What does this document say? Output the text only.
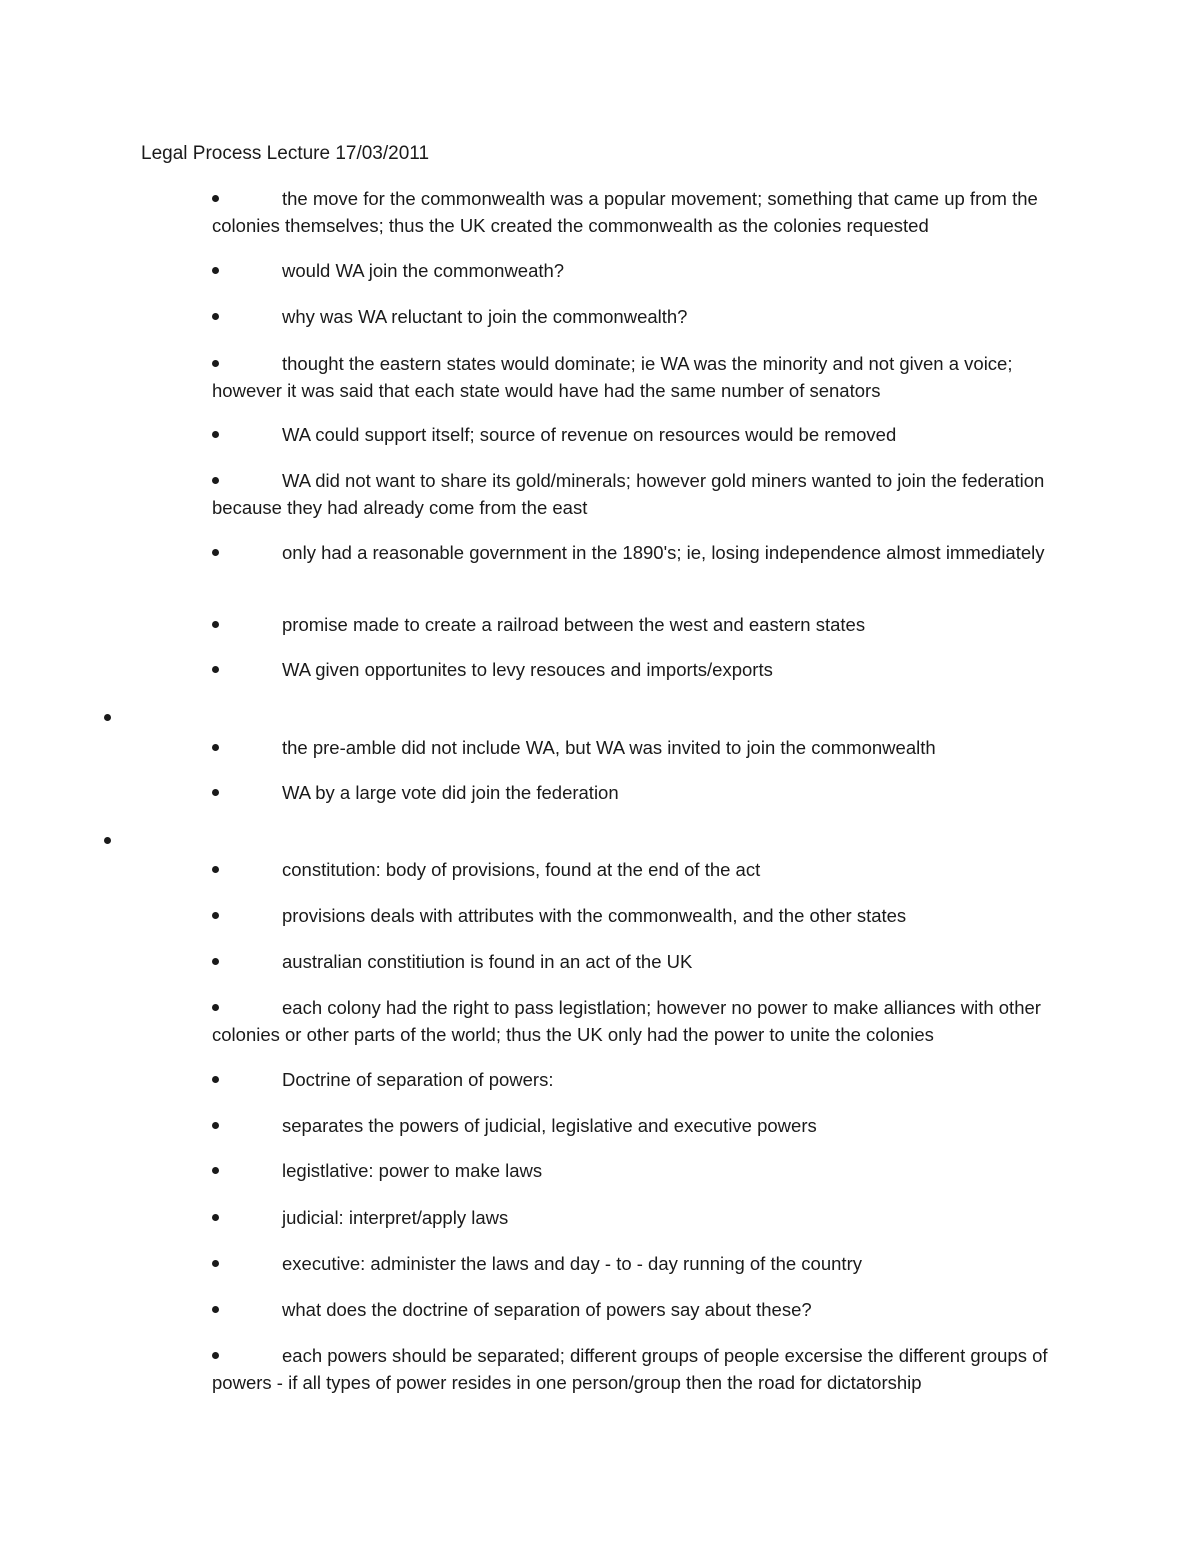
Legal Process Lecture 17/03/2011
the move for the commonwealth was a popular movement; something that came up from the colonies themselves; thus the UK created the commonwealth as the colonies requested
would WA join the commonweath?
why was WA reluctant to join the commonwealth?
thought the eastern states would dominate; ie WA was the minority and not given a voice; however it was said that each state would have had the same number of senators
WA could support itself; source of revenue on resources would be removed
WA did not want to share its gold/minerals; however gold miners wanted to join the federation because they had already come from the east
only had a reasonable government in the 1890's; ie, losing independence almost immediately
promise made to create a railroad between the west and eastern states
WA given opportunites to levy resouces and imports/exports
the pre-amble did not include WA, but WA was invited to join the commonwealth
WA by a large vote did join the federation
constitution: body of provisions, found at the end of the act
provisions deals with attributes with the commonwealth, and the other states
australian constitiution is found in an act of the UK
each colony had the right to pass legistlation; however no power to make alliances with other colonies or other parts of the world; thus the UK only had the power to unite the colonies
Doctrine of separation of powers:
separates the powers of judicial, legislative and executive powers
legistlative: power to make laws
judicial: interpret/apply laws
executive: administer the laws and day - to - day running of the country
what does the doctrine of separation of powers say about these?
each powers should be separated; different groups of people excersise the different groups of powers - if all types of power resides in one person/group then the road for dictatorship
